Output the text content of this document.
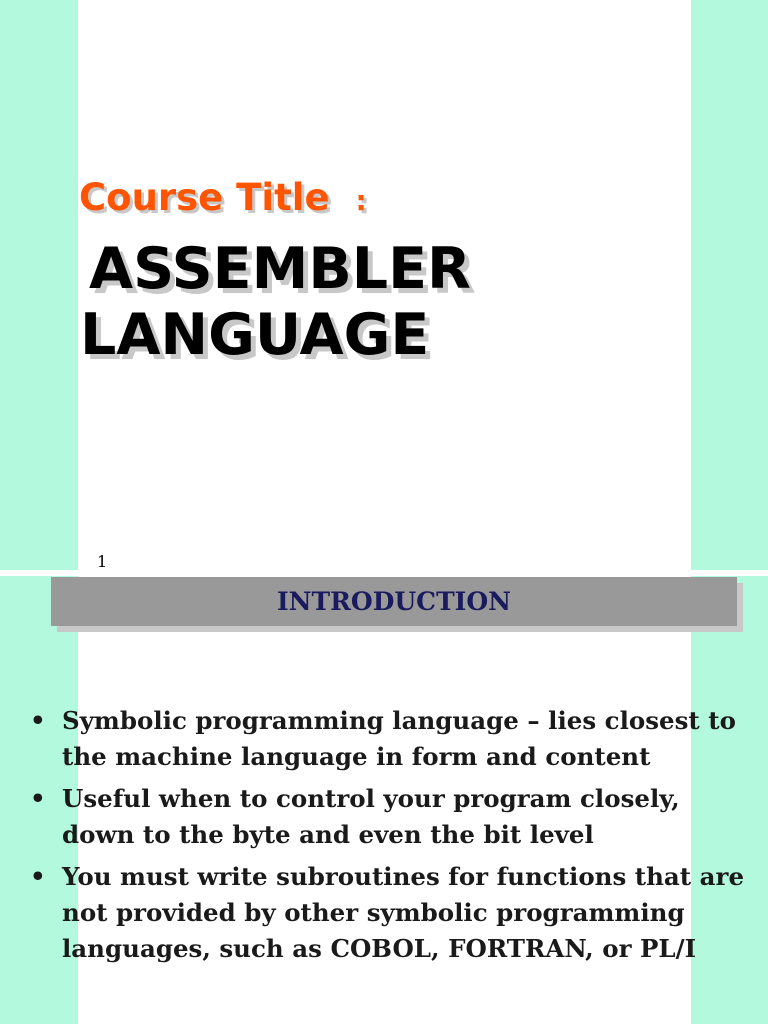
Course Title :
ASSEMBLER
LANGUAGE
1
INTRODUCTION
• Symbolic programming language – lies closest to the machine language in form and content
• Useful when to control your program closely, down to the byte and even the bit level
• You must write subroutines for functions that are not provided by other symbolic programming languages, such as COBOL, FORTRAN, or PL/I
